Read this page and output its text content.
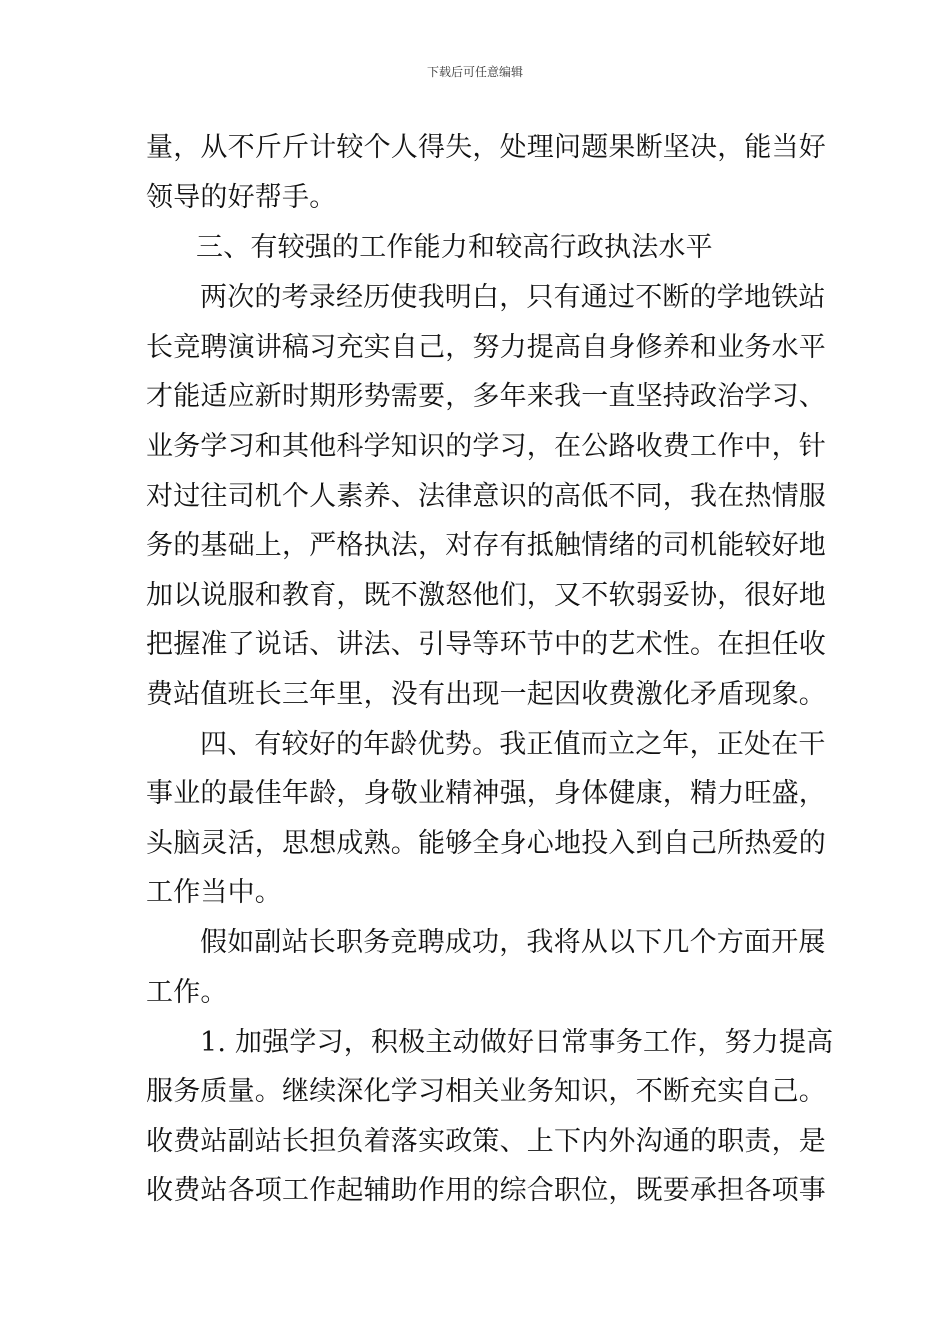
下载后可任意编辑
量，从不斤斤计较个人得失，处理问题果断坚决，能当好
领导的好帮手。
三、有较强的工作能力和较高行政执法水平
两次的考录经历使我明白，只有通过不断的学地铁站
长竞聘演讲稿习充实自己，努力提高自身修养和业务水平
才能适应新时期形势需要，多年来我一直坚持政治学习、
业务学习和其他科学知识的学习，在公路收费工作中，针
对过往司机个人素养、法律意识的高低不同，我在热情服
务的基础上，严格执法，对存有抵触情绪的司机能较好地
加以说服和教育，既不激怒他们，又不软弱妥协，很好地
把握准了说话、讲法、引导等环节中的艺术性。在担任收
费站值班长三年里，没有出现一起因收费激化矛盾现象。
四、有较好的年龄优势。我正值而立之年，正处在干
事业的最佳年龄，身敬业精神强，身体健康，精力旺盛，
头脑灵活，思想成熟。能够全身心地投入到自己所热爱的
工作当中。
假如副站长职务竞聘成功，我将从以下几个方面开展
工作。
1. 加强学习，积极主动做好日常事务工作，努力提高
服务质量。继续深化学习相关业务知识，不断充实自己。
收费站副站长担负着落实政策、上下内外沟通的职责，是
收费站各项工作起辅助作用的综合职位，既要承担各项事
